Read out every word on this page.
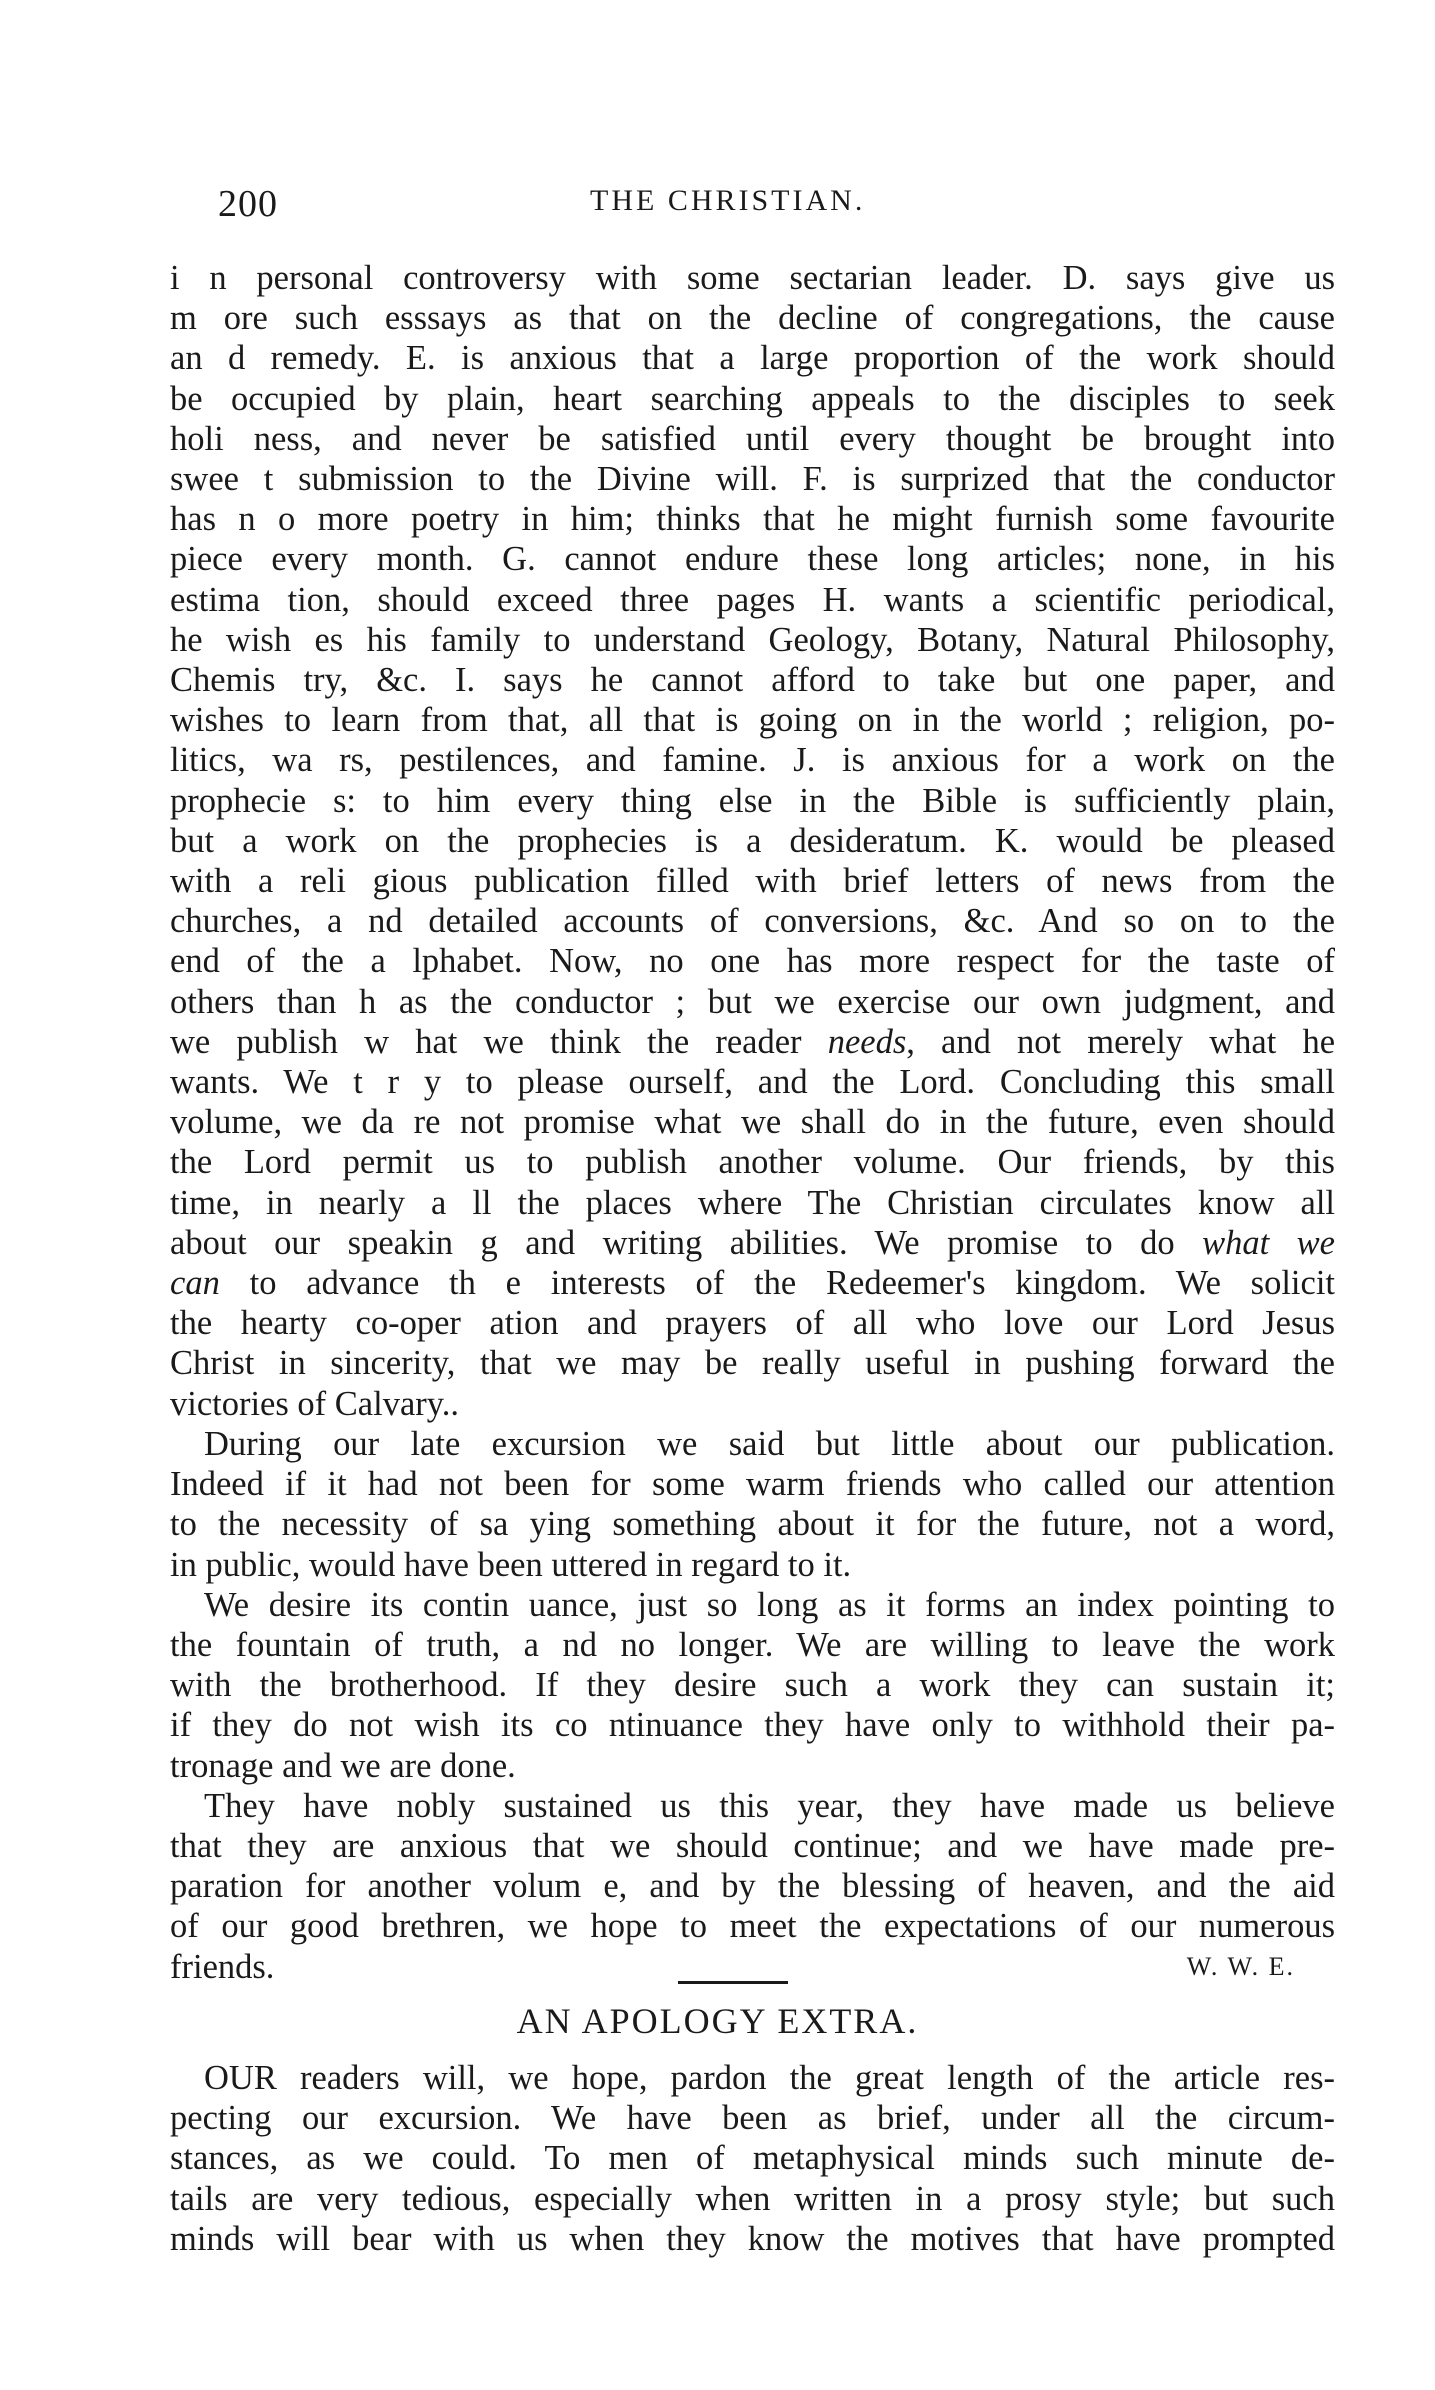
200	THE CHRISTIAN.
i n personal controversy with some sectarian leader. D. says give us
m ore such esssays as that on the decline of congregations, the cause
an d remedy. E. is anxious that a large proportion of the work should
be occupied by plain, heart searching appeals to the disciples to seek
holi ness, and never be satisfied until every thought be brought into
swee t submission to the Divine will. F. is surprized that the conductor
has n o more poetry in him; thinks that he might furnish some favourite
piece every month. G. cannot endure these long articles; none, in his
estima tion, should exceed three pages H. wants a scientific periodical,
he wish es his family to understand Geology, Botany, Natural Philosophy,
Chemis try, &c. I. says he cannot afford to take but one paper, and
wishes to learn from that, all that is going on in the world ; religion, po-
litics, wa rs, pestilences, and famine. J. is anxious for a work on the
prophecie s: to him every thing else in the Bible is sufficiently plain,
but a work on the prophecies is a desideratum. K. would be pleased
with a reli gious publication filled with brief letters of news from the
churches, a nd detailed accounts of conversions, &c. And so on to the
end of the a lphabet. Now, no one has more respect for the taste of
others than h as the conductor ; but we exercise our own judgment, and
we publish w hat we think the reader needs, and not merely what he
wants. We t r y to please ourself, and the Lord. Concluding this small
volume, we da re not promise what we shall do in the future, even should
the Lord permit us to publish another volume. Our friends, by this
time, in nearly a ll the places where The Christian circulates know all
about our speakin g and writing abilities. We promise to do what we
can to advance th e interests of the Redeemer's kingdom. We solicit
the hearty co-oper ation and prayers of all who love our Lord Jesus
Christ in sincerity, that we may be really useful in pushing forward the
victories of Calvary..
During our late excursion we said but little about our publication.
Indeed if it had not been for some warm friends who called our attention
to the necessity of sa ying something about it for the future, not a word,
in public, would have been uttered in regard to it.
We desire its contin uance, just so long as it forms an index pointing to
the fountain of truth, a nd no longer. We are willing to leave the work
with the brotherhood. If they desire such a work they can sustain it;
if they do not wish its co ntinuance they have only to withhold their pa-
tronage and we are done.
They have nobly sustained us this year, they have made us believe
that they are anxious that we should continue; and we have made pre-
paration for another volum e, and by the blessing of heaven, and the aid
of our good brethren, we hope to meet the expectations of our numerous
friends.	W. W. E.
AN APOLOGY EXTRA.
OUR readers will, we hope, pardon the great length of the article res-
pecting our excursion. We have been as brief, under all the circum-
stances, as we could. To men of metaphysical minds such minute de-
tails are very tedious, especially when written in a prosy style; but such
minds will bear with us when they know the motives that have prompted
